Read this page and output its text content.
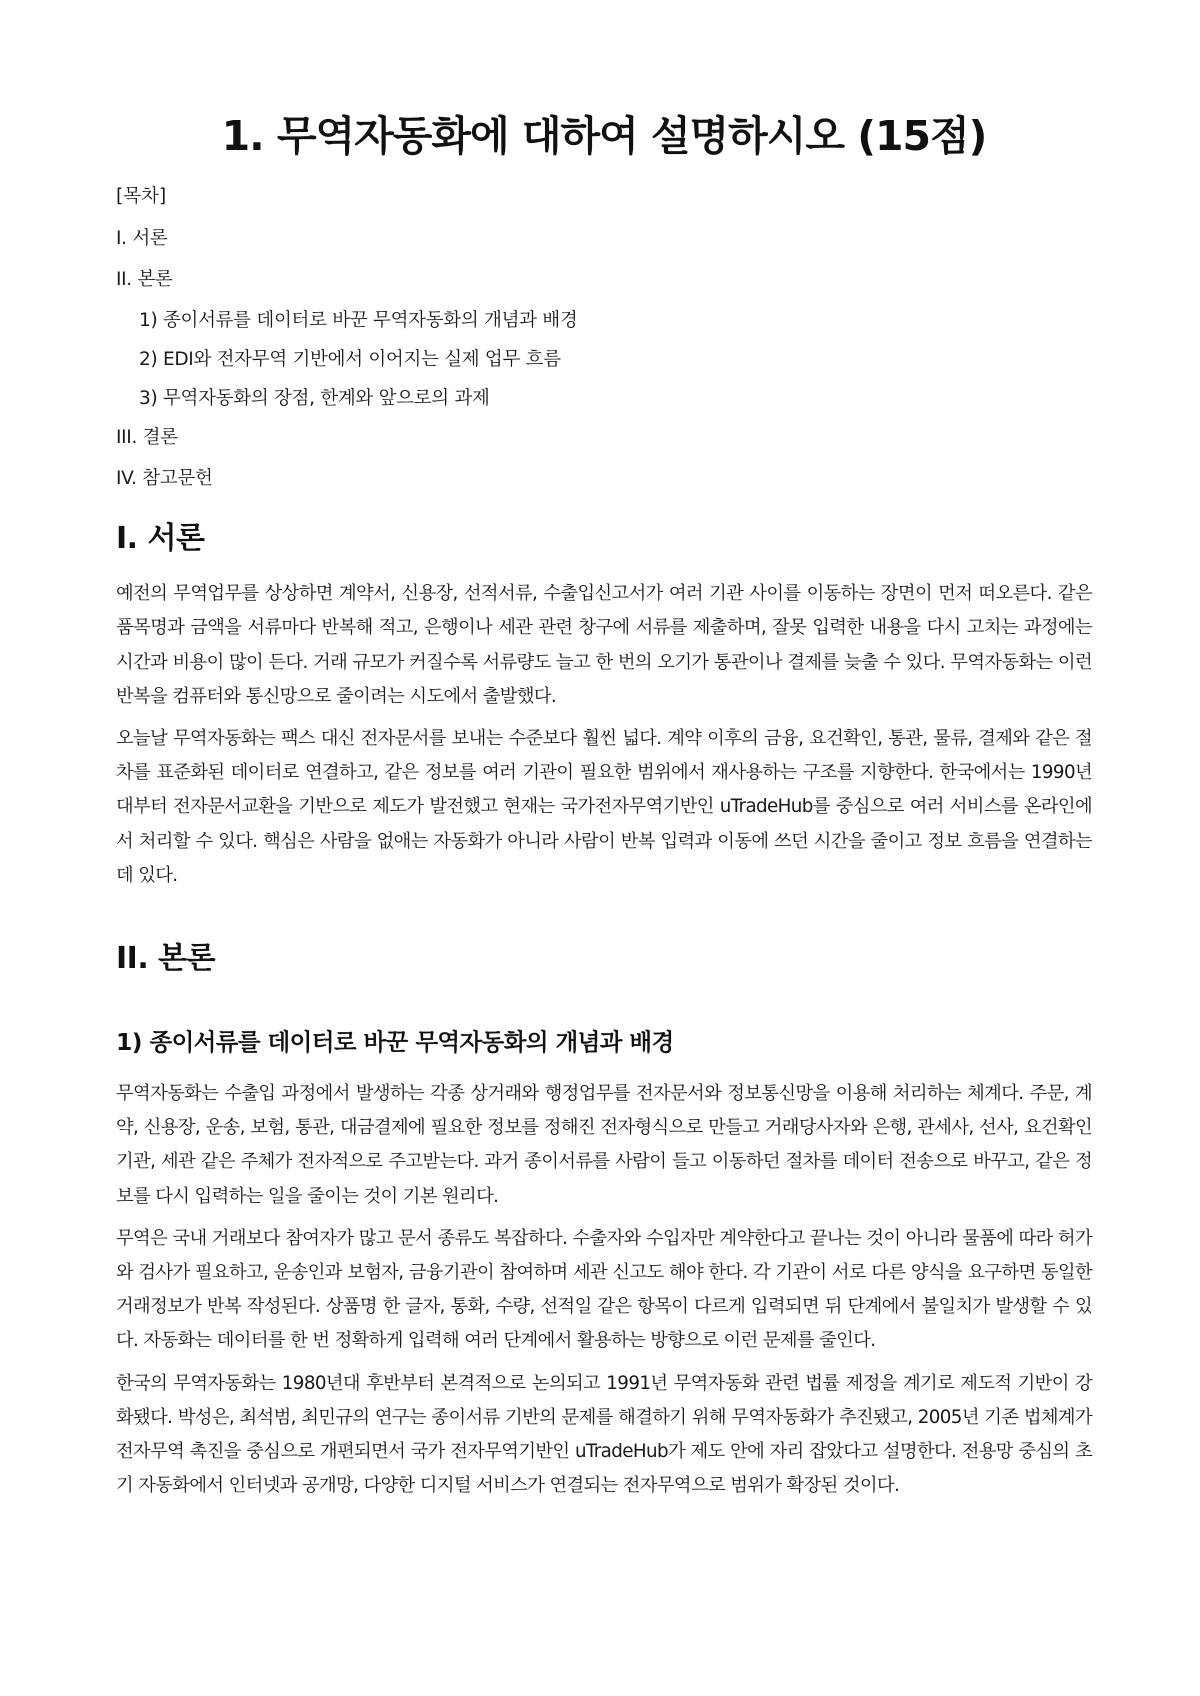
1. 무역자동화에 대하여 설명하시오 (15점)
[목차]
I. 서론
II. 본론
1) 종이서류를 데이터로 바꾼 무역자동화의 개념과 배경
2) EDI와 전자무역 기반에서 이어지는 실제 업무 흐름
3) 무역자동화의 장점, 한계와 앞으로의 과제
III. 결론
IV. 참고문헌
I. 서론

예전의 무역업무를 상상하면 계약서, 신용장, 선적서류, 수출입신고서가 여러 기관 사이를 이동하는 장면이 먼저 떠오른다. 같은 품목명과 금액을 서류마다 반복해 적고, 은행이나 세관 관련 창구에 서류를 제출하며, 잘못 입력한 내용을 다시 고치는 과정에는 시간과 비용이 많이 든다. 거래 규모가 커질수록 서류량도 늘고 한 번의 오기가 통관이나 결제를 늦출 수 있다. 무역자동화는 이런 반복을 컴퓨터와 통신망으로 줄이려는 시도에서 출발했다.

오늘날 무역자동화는 팩스 대신 전자문서를 보내는 수준보다 훨씬 넓다. 계약 이후의 금융, 요건확인, 통관, 물류, 결제와 같은 절차를 표준화된 데이터로 연결하고, 같은 정보를 여러 기관이 필요한 범위에서 재사용하는 구조를 지향한다. 한국에서는 1990년대부터 전자문서교환을 기반으로 제도가 발전했고 현재는 국가전자무역기반인 uTradeHub를 중심으로 여러 서비스를 온라인에서 처리할 수 있다. 핵심은 사람을 없애는 자동화가 아니라 사람이 반복 입력과 이동에 쓰던 시간을 줄이고 정보 흐름을 연결하는 데 있다.

II. 본론
1) 종이서류를 데이터로 바꾼 무역자동화의 개념과 배경

무역자동화는 수출입 과정에서 발생하는 각종 상거래와 행정업무를 전자문서와 정보통신망을 이용해 처리하는 체계다. 주문, 계약, 신용장, 운송, 보험, 통관, 대금결제에 필요한 정보를 정해진 전자형식으로 만들고 거래당사자와 은행, 관세사, 선사, 요건확인기관, 세관 같은 주체가 전자적으로 주고받는다. 과거 종이서류를 사람이 들고 이동하던 절차를 데이터 전송으로 바꾸고, 같은 정보를 다시 입력하는 일을 줄이는 것이 기본 원리다.

무역은 국내 거래보다 참여자가 많고 문서 종류도 복잡하다. 수출자와 수입자만 계약한다고 끝나는 것이 아니라 물품에 따라 허가와 검사가 필요하고, 운송인과 보험자, 금융기관이 참여하며 세관 신고도 해야 한다. 각 기관이 서로 다른 양식을 요구하면 동일한 거래정보가 반복 작성된다. 상품명 한 글자, 통화, 수량, 선적일 같은 항목이 다르게 입력되면 뒤 단계에서 불일치가 발생할 수 있다. 자동화는 데이터를 한 번 정확하게 입력해 여러 단계에서 활용하는 방향으로 이런 문제를 줄인다.

한국의 무역자동화는 1980년대 후반부터 본격적으로 논의되고 1991년 무역자동화 관련 법률 제정을 계기로 제도적 기반이 강화됐다. 박성은, 최석범, 최민규의 연구는 종이서류 기반의 문제를 해결하기 위해 무역자동화가 추진됐고, 2005년 기존 법체계가 전자무역 촉진을 중심으로 개편되면서 국가 전자무역기반인 uTradeHub가 제도 안에 자리 잡았다고 설명한다. 전용망 중심의 초기 자동화에서 인터넷과 공개망, 다양한 디지털 서비스가 연결되는 전자무역으로 범위가 확장된 것이다.
